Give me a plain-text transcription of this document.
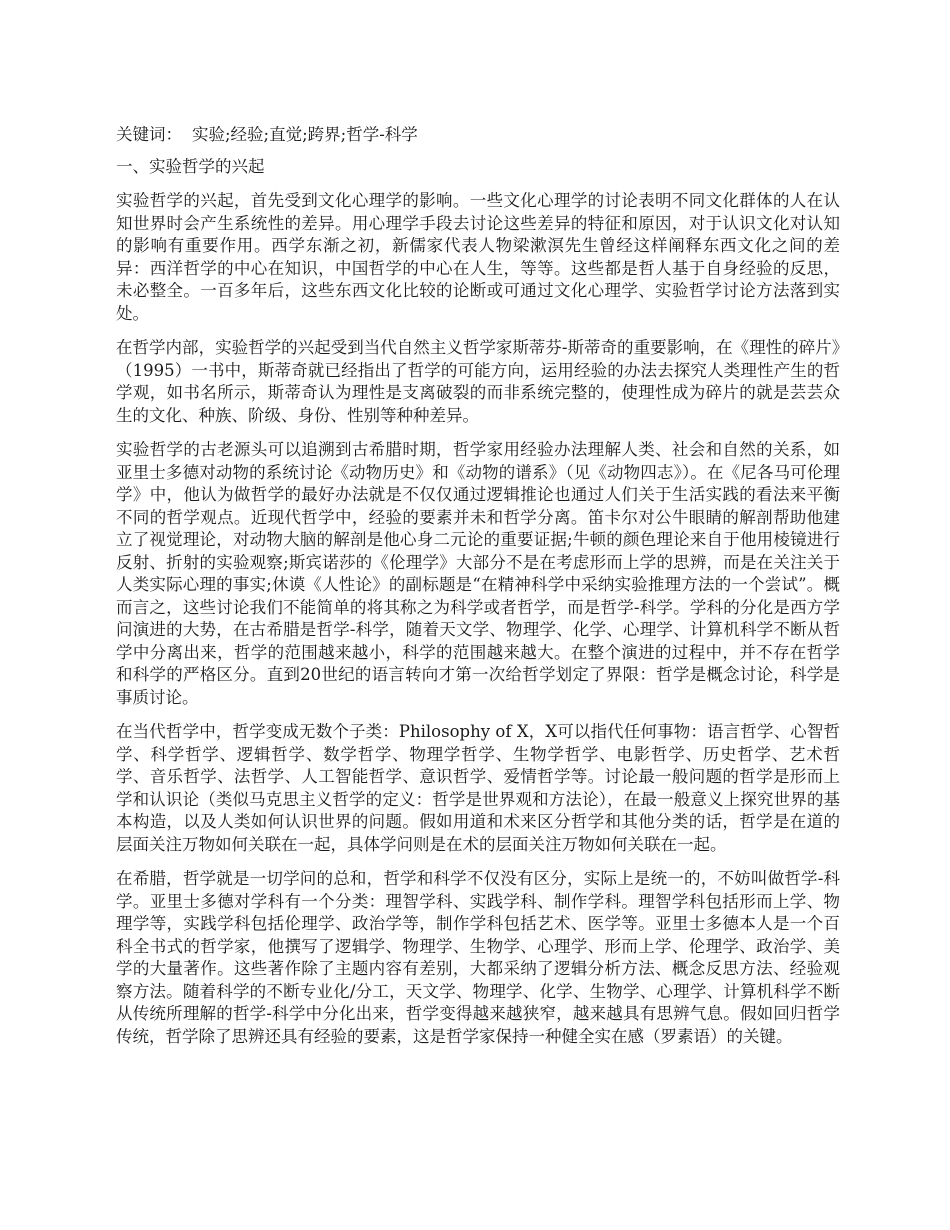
关键词： 实验;经验;直觉;跨界;哲学-科学

一、实验哲学的兴起

实验哲学的兴起，首先受到文化心理学的影响。一些文化心理学的讨论表明不同文化群体的人在认知世界时会产生系统性的差异。用心理学手段去讨论这些差异的特征和原因，对于认识文化对认知的影响有重要作用。西学东渐之初，新儒家代表人物梁漱溟先生曾经这样阐释东西文化之间的差异：西洋哲学的中心在知识，中国哲学的中心在人生，等等。这些都是哲人基于自身经验的反思，未必整全。一百多年后，这些东西文化比较的论断或可通过文化心理学、实验哲学讨论方法落到实处。

在哲学内部，实验哲学的兴起受到当代自然主义哲学家斯蒂芬-斯蒂奇的重要影响，在《理性的碎片》（1995）一书中，斯蒂奇就已经指出了哲学的可能方向，运用经验的办法去探究人类理性产生的哲学观，如书名所示，斯蒂奇认为理性是支离破裂的而非系统完整的，使理性成为碎片的就是芸芸众生的文化、种族、阶级、身份、性别等种种差异。

实验哲学的古老源头可以追溯到古希腊时期，哲学家用经验办法理解人类、社会和自然的关系，如亚里士多德对动物的系统讨论《动物历史》和《动物的谱系》（见《动物四志》）。在《尼各马可伦理学》中，他认为做哲学的最好办法就是不仅仅通过逻辑推论也通过人们关于生活实践的看法来平衡不同的哲学观点。近现代哲学中，经验的要素并未和哲学分离。笛卡尔对公牛眼睛的解剖帮助他建立了视觉理论，对动物大脑的解剖是他心身二元论的重要证据;牛顿的颜色理论来自于他用棱镜进行反射、折射的实验观察;斯宾诺莎的《伦理学》大部分不是在考虑形而上学的思辨，而是在关注关于人类实际心理的事实;休谟《人性论》的副标题是“在精神科学中采纳实验推理方法的一个尝试”。概而言之，这些讨论我们不能简单的将其称之为科学或者哲学，而是哲学-科学。学科的分化是西方学问演进的大势，在古希腊是哲学-科学，随着天文学、物理学、化学、心理学、计算机科学不断从哲学中分离出来，哲学的范围越来越小，科学的范围越来越大。在整个演进的过程中，并不存在哲学和科学的严格区分。直到20世纪的语言转向才第一次给哲学划定了界限：哲学是概念讨论，科学是事质讨论。

在当代哲学中，哲学变成无数个子类：Philosophy of X，X可以指代任何事物：语言哲学、心智哲学、科学哲学、逻辑哲学、数学哲学、物理学哲学、生物学哲学、电影哲学、历史哲学、艺术哲学、音乐哲学、法哲学、人工智能哲学、意识哲学、爱情哲学等。讨论最一般问题的哲学是形而上学和认识论（类似马克思主义哲学的定义：哲学是世界观和方法论），在最一般意义上探究世界的基本构造，以及人类如何认识世界的问题。假如用道和术来区分哲学和其他分类的话，哲学是在道的层面关注万物如何关联在一起，具体学问则是在术的层面关注万物如何关联在一起。

在希腊，哲学就是一切学问的总和，哲学和科学不仅没有区分，实际上是统一的，不妨叫做哲学-科学。亚里士多德对学科有一个分类：理智学科、实践学科、制作学科。理智学科包括形而上学、物理学等，实践学科包括伦理学、政治学等，制作学科包括艺术、医学等。亚里士多德本人是一个百科全书式的哲学家，他撰写了逻辑学、物理学、生物学、心理学、形而上学、伦理学、政治学、美学的大量著作。这些著作除了主题内容有差别，大都采纳了逻辑分析方法、概念反思方法、经验观察方法。随着科学的不断专业化/分工，天文学、物理学、化学、生物学、心理学、计算机科学不断从传统所理解的哲学-科学中分化出来，哲学变得越来越狭窄，越来越具有思辨气息。假如回归哲学传统，哲学除了思辨还具有经验的要素，这是哲学家保持一种健全实在感（罗素语）的关键。
